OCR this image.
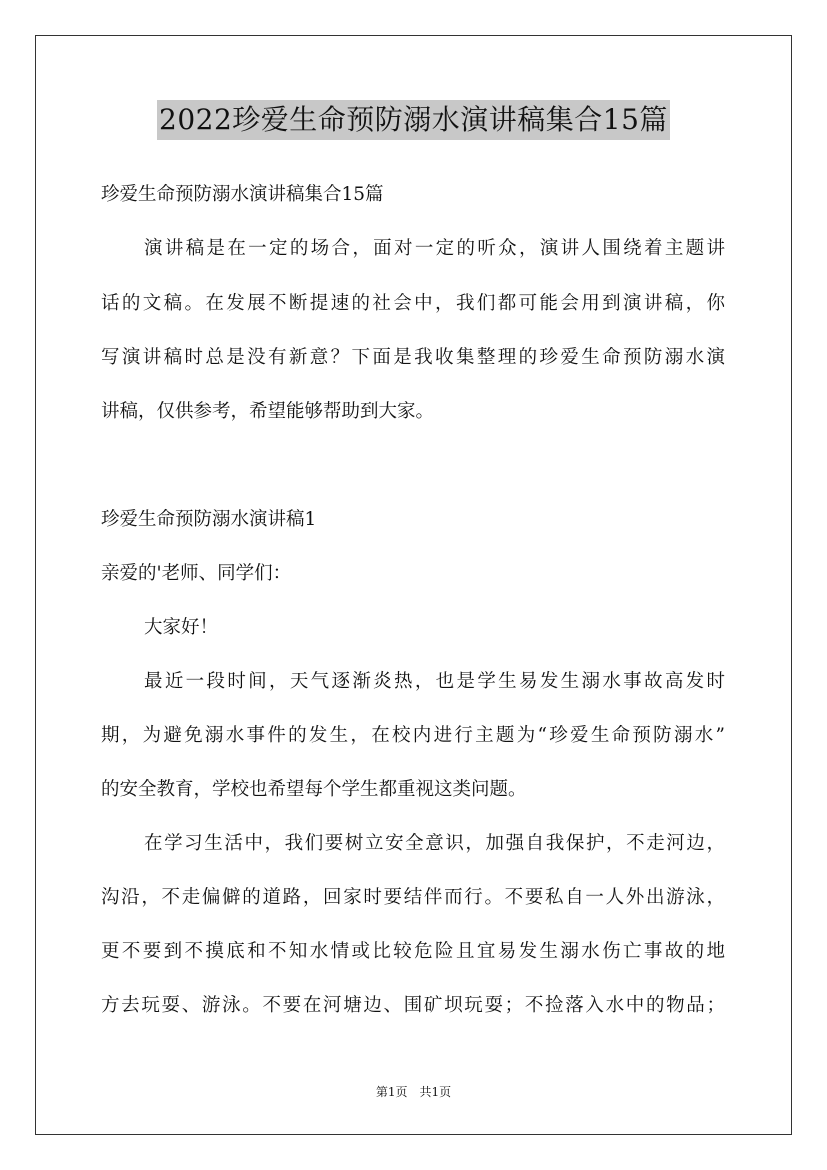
2022珍爱生命预防溺水演讲稿集合15篇
珍爱生命预防溺水演讲稿集合15篇
演讲稿是在一定的场合，面对一定的听众，演讲人围绕着主题讲
话的文稿。在发展不断提速的社会中，我们都可能会用到演讲稿，你
写演讲稿时总是没有新意？下面是我收集整理的珍爱生命预防溺水演
讲稿，仅供参考，希望能够帮助到大家。
珍爱生命预防溺水演讲稿1
亲爱的'老师、同学们：
大家好！
最近一段时间，天气逐渐炎热，也是学生易发生溺水事故高发时
期，为避免溺水事件的发生，在校内进行主题为“珍爱生命预防溺水”
的安全教育，学校也希望每个学生都重视这类问题。
在学习生活中，我们要树立安全意识，加强自我保护，不走河边，
沟沿，不走偏僻的道路，回家时要结伴而行。不要私自一人外出游泳，
更不要到不摸底和不知水情或比较危险且宜易发生溺水伤亡事故的地
方去玩耍、游泳。不要在河塘边、围矿坝玩耍；不捡落入水中的物品；
第1页　共1页
